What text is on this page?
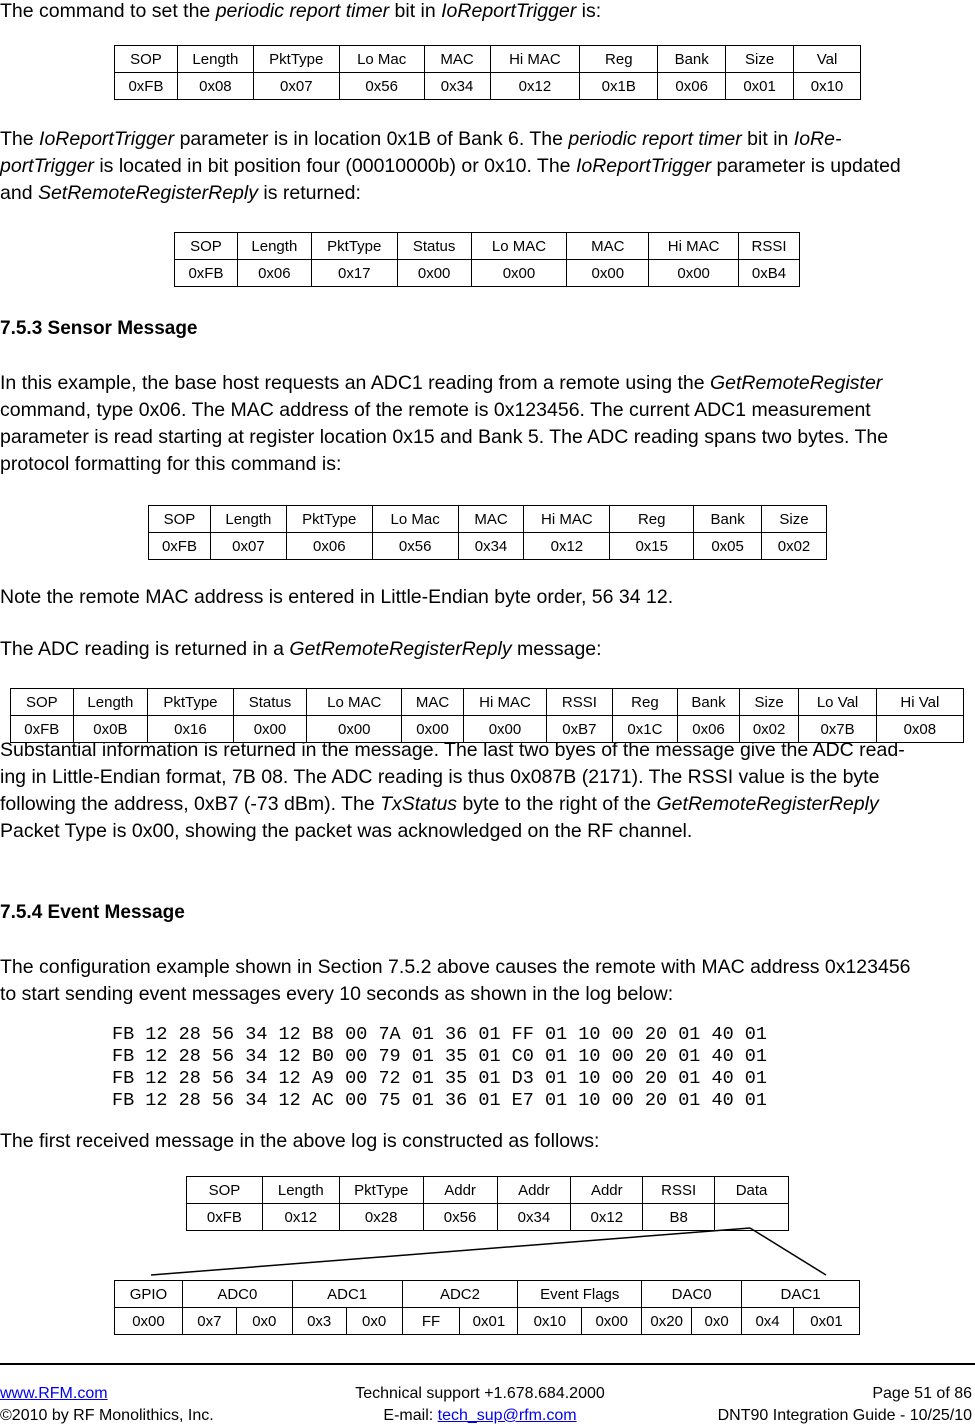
The command to set the periodic report timer bit in IoReportTrigger is:

SOP	Length	PktType	Lo Mac	MAC	Hi MAC	Reg	Bank	Size	Val
0xFB	0x08	0x07	0x56	0x34	0x12	0x1B	0x06	0x01	0x10

The IoReportTrigger parameter is in location 0x1B of Bank 6. The periodic report timer bit in IoRe-
portTrigger is located in bit position four (00010000b) or 0x10. The IoReportTrigger parameter is updated
and SetRemoteRegisterReply is returned:

SOP	Length	PktType	Status	Lo MAC	MAC	Hi MAC	RSSI
0xFB	0x06	0x17	0x00	0x00	0x00	0x00	0xB4
7.5.3 Sensor Message

In this example, the base host requests an ADC1 reading from a remote using the GetRemoteRegister
command, type 0x06. The MAC address of the remote is 0x123456. The current ADC1 measurement
parameter is read starting at register location 0x15 and Bank 5. The ADC reading spans two bytes. The
protocol formatting for this command is:

SOP	Length	PktType	Lo Mac	MAC	Hi MAC	Reg	Bank	Size
0xFB	0x07	0x06	0x56	0x34	0x12	0x15	0x05	0x02

Note the remote MAC address is entered in Little-Endian byte order, 56 34 12.

The ADC reading is returned in a GetRemoteRegisterReply message:

SOP	Length	PktType	Status	Lo MAC	MAC	Hi MAC	RSSI	Reg	Bank	Size	Lo Val	Hi Val
0xFB	0x0B	0x16	0x00	0x00	0x00	0x00	0xB7	0x1C	0x06	0x02	0x7B	0x08

Substantial information is returned in the message. The last two byes of the message give the ADC read-
ing in Little-Endian format, 7B 08. The ADC reading is thus 0x087B (2171). The RSSI value is the byte
following the address, 0xB7 (-73 dBm). The TxStatus byte to the right of the GetRemoteRegisterReply
Packet Type is 0x00, showing the packet was acknowledged on the RF channel.

7.5.4 Event Message

The configuration example shown in Section 7.5.2 above causes the remote with MAC address 0x123456
to start sending event messages every 10 seconds as shown in the log below:

FB 12 28 56 34 12 B8 00 7A 01 36 01 FF 01 10 00 20 01 40 01
FB 12 28 56 34 12 B0 00 79 01 35 01 C0 01 10 00 20 01 40 01
FB 12 28 56 34 12 A9 00 72 01 35 01 D3 01 10 00 20 01 40 01
FB 12 28 56 34 12 AC 00 75 01 36 01 E7 01 10 00 20 01 40 01

The first received message in the above log is constructed as follows:

SOP	Length	PktType	Addr	Addr	Addr	RSSI	Data
0xFB	0x12	0x28	0x56	0x34	0x12	B8	
GPIO	ADC0		ADC1		ADC2		Event Flags		DAC0		DAC1	
0x00	0x7	0x0	0x3	0x0	FF	0x01	0x10	0x00	0x20	0x0	0x4	0x01
www.RFM.com
©2010 by RF Monolithics, Inc.
Technical support +1.678.684.2000
E-mail: tech_sup@rfm.com
Page 51 of 86
DNT90 Integration Guide - 10/25/10
